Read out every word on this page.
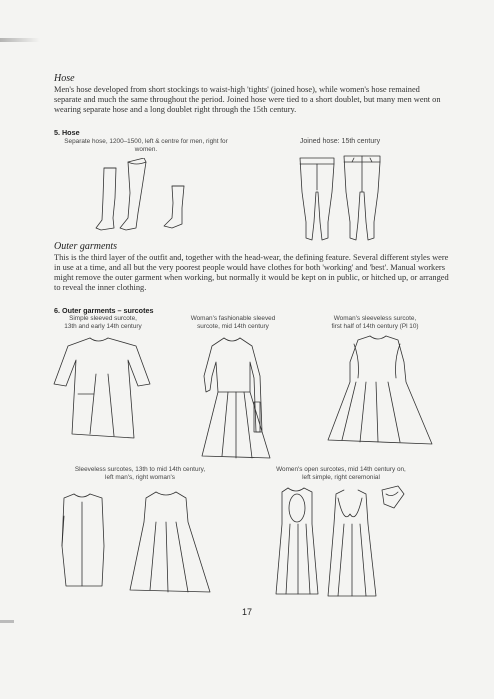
Hose
Men's hose developed from short stockings to waist-high 'tights' (joined hose), while women's hose remained separate and much the same throughout the period. Joined hose were tied to a short doublet, but many men went on wearing separate hose and a long doublet right through the 15th century.
5. Hose
Separate hose, 1200–1500, left & centre for men, right for women.
Joined hose: 15th century
Outer garments
This is the third layer of the outfit and, together with the head-wear, the defining feature. Several different styles were in use at a time, and all but the very poorest people would have clothes for both 'working' and 'best'. Manual workers might remove the outer garment when working, but normally it would be kept on in public, or hitched up, or arranged to reveal the inner clothing.
6. Outer garments – surcotes
Simple sleeved surcote,
13th and early 14th century
Woman's fashionable sleeved
surcote, mid 14th century
Woman's sleeveless surcote,
first half of 14th century (Pl 10)
Sleeveless surcotes, 13th to mid 14th century,
left man's, right woman's
Women's open surcotes, mid 14th century on,
left simple, right ceremonial
17
